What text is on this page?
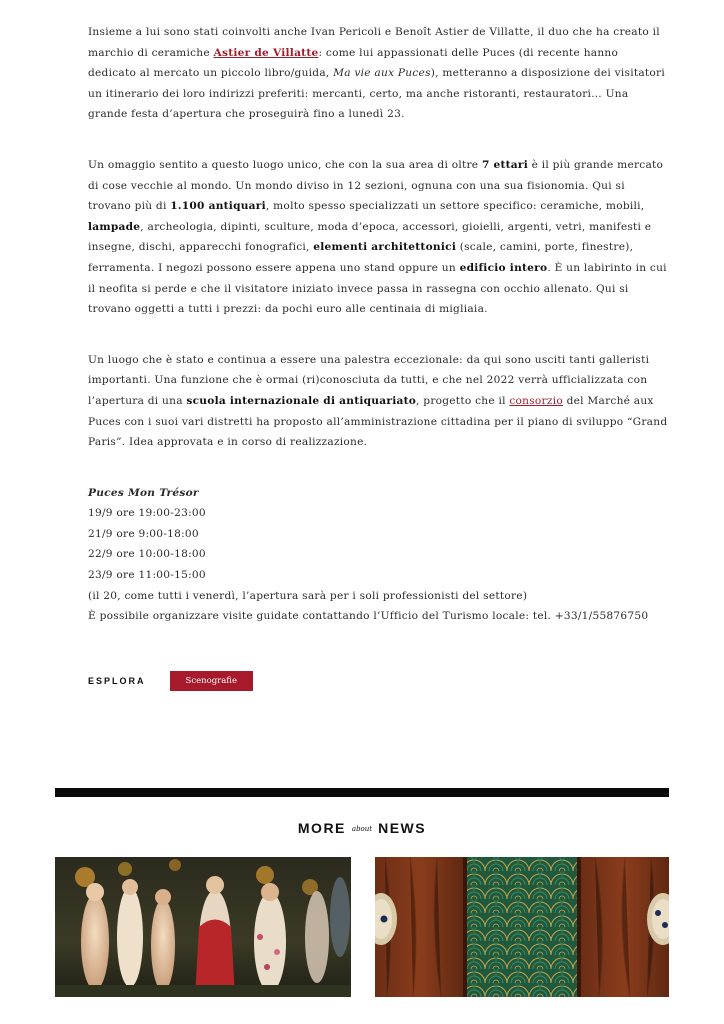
Insieme a lui sono stati coinvolti anche Ivan Pericoli e Benoît Astier de Villatte, il duo che ha creato il marchio di ceramiche Astier de Villatte: come lui appassionati delle Puces (di recente hanno dedicato al mercato un piccolo libro/guida, Ma vie aux Puces), metteranno a disposizione dei visitatori un itinerario dei loro indirizzi preferiti: mercanti, certo, ma anche ristoranti, restauratori… Una grande festa d’apertura che proseguirà fino a lunedì 23.

Un omaggio sentito a questo luogo unico, che con la sua area di oltre 7 ettari è il più grande mercato di cose vecchie al mondo. Un mondo diviso in 12 sezioni, ognuna con una sua fisionomia. Qui si trovano più di 1.100 antiquari, molto spesso specializzati un settore specifico: ceramiche, mobili, lampade, archeologia, dipinti, sculture, moda d’epoca, accessori, gioielli, argenti, vetri, manifesti e insegne, dischi, apparecchi fonografici, elementi architettonici (scale, camini, porte, finestre), ferramenta. I negozi possono essere appena uno stand oppure un edificio intero. È un labirinto in cui il neofita si perde e che il visitatore iniziato invece passa in rassegna con occhio allenato. Qui si trovano oggetti a tutti i prezzi: da pochi euro alle centinaia di migliaia.

Un luogo che è stato e continua a essere una palestra eccezionale: da qui sono usciti tanti galleristi importanti. Una funzione che è ormai (ri)conosciuta da tutti, e che nel 2022 verrà ufficializzata con l’apertura di una scuola internazionale di antiquariato, progetto che il consorzio del Marché aux Puces con i suoi vari distretti ha proposto all’amministrazione cittadina per il piano di sviluppo “Grand Paris”. Idea approvata e in corso di realizzazione.

Puces Mon Trésor
19/9 ore 19:00-23:00
21/9 ore 9:00-18:00
22/9 ore 10:00-18:00
23/9 ore 11:00-15:00
(il 20, come tutti i venerdì, l’apertura sarà per i soli professionisti del settore)
È possibile organizzare visite guidate contattando l’Ufficio del Turismo locale: tel. +33/1/55876750
ESPLORA	Scenografie
MORE about NEWS
